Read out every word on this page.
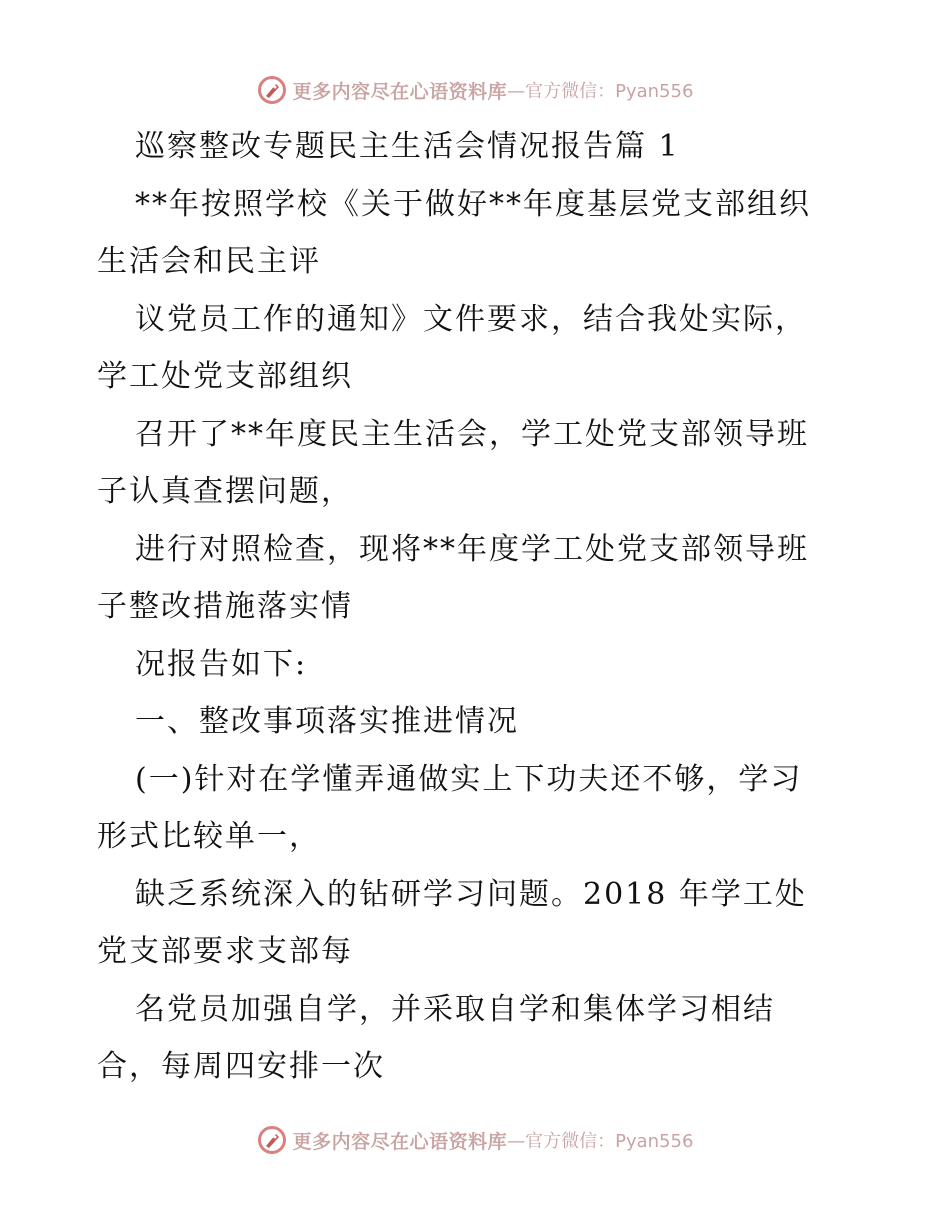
更多内容尽在心语资料库 —官方微信：Pyan556
巡察整改专题民主生活会情况报告篇 1
**年按照学校《关于做好**年度基层党支部组织
生活会和民主评
议党员工作的通知》文件要求，结合我处实际，
学工处党支部组织
召开了**年度民主生活会，学工处党支部领导班
子认真查摆问题，
进行对照检查，现将**年度学工处党支部领导班
子整改措施落实情
况报告如下:
一、整改事项落实推进情况
(一)针对在学懂弄通做实上下功夫还不够，学习
形式比较单一，
缺乏系统深入的钻研学习问题。2018 年学工处
党支部要求支部每
名党员加强自学，并采取自学和集体学习相结
合，每周四安排一次
更多内容尽在心语资料库 —官方微信：Pyan556
